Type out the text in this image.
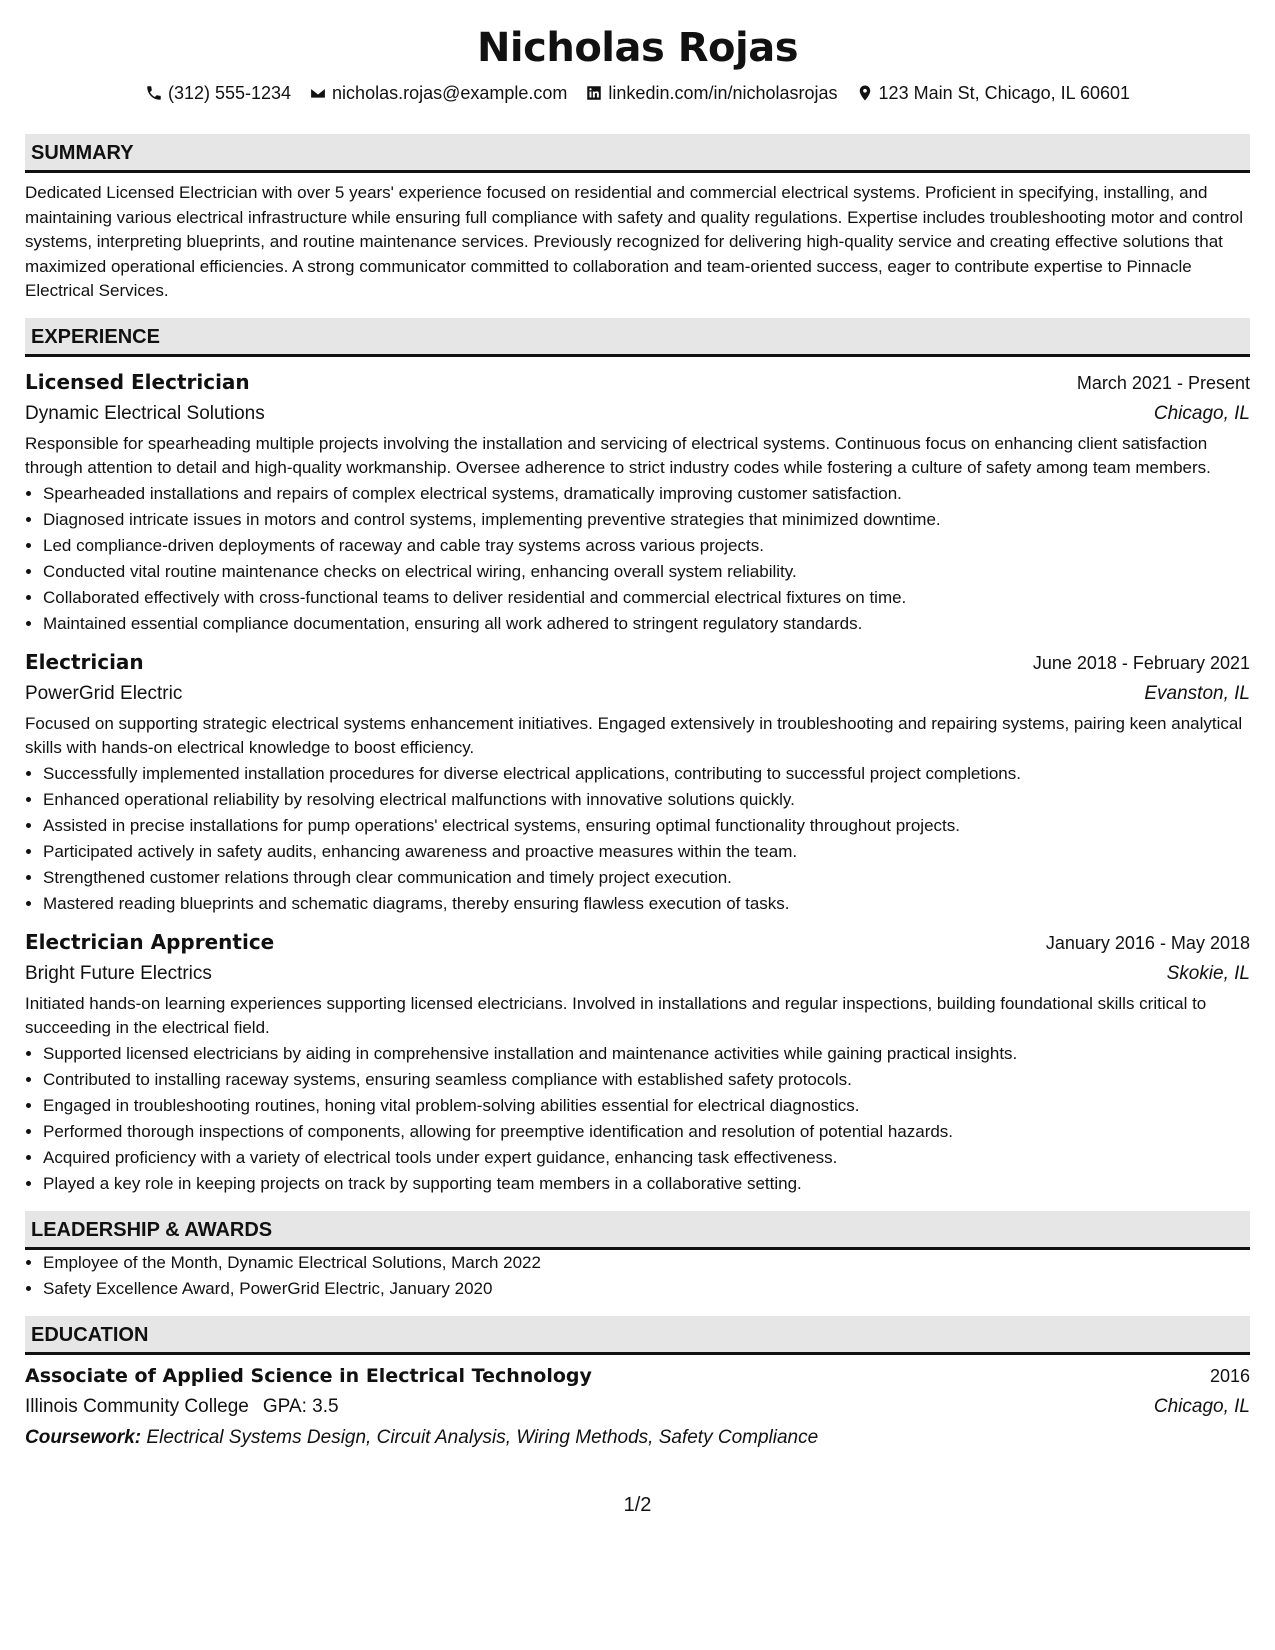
Nicholas Rojas
(312) 555-1234 nicholas.rojas@example.com linkedin.com/in/nicholasrojas 123 Main St, Chicago, IL 60601
SUMMARY
Dedicated Licensed Electrician with over 5 years' experience focused on residential and commercial electrical systems. Proficient in specifying, installing, and maintaining various electrical infrastructure while ensuring full compliance with safety and quality regulations. Expertise includes troubleshooting motor and control systems, interpreting blueprints, and routine maintenance services. Previously recognized for delivering high-quality service and creating effective solutions that maximized operational efficiencies. A strong communicator committed to collaboration and team-oriented success, eager to contribute expertise to Pinnacle Electrical Services.
EXPERIENCE
Licensed Electrician	March 2021 - Present
Dynamic Electrical Solutions	Chicago, IL
Responsible for spearheading multiple projects involving the installation and servicing of electrical systems. Continuous focus on enhancing client satisfaction through attention to detail and high-quality workmanship. Oversee adherence to strict industry codes while fostering a culture of safety among team members.
• Spearheaded installations and repairs of complex electrical systems, dramatically improving customer satisfaction.
• Diagnosed intricate issues in motors and control systems, implementing preventive strategies that minimized downtime.
• Led compliance-driven deployments of raceway and cable tray systems across various projects.
• Conducted vital routine maintenance checks on electrical wiring, enhancing overall system reliability.
• Collaborated effectively with cross-functional teams to deliver residential and commercial electrical fixtures on time.
• Maintained essential compliance documentation, ensuring all work adhered to stringent regulatory standards.
Electrician	June 2018 - February 2021
PowerGrid Electric	Evanston, IL
Focused on supporting strategic electrical systems enhancement initiatives. Engaged extensively in troubleshooting and repairing systems, pairing keen analytical skills with hands-on electrical knowledge to boost efficiency.
• Successfully implemented installation procedures for diverse electrical applications, contributing to successful project completions.
• Enhanced operational reliability by resolving electrical malfunctions with innovative solutions quickly.
• Assisted in precise installations for pump operations' electrical systems, ensuring optimal functionality throughout projects.
• Participated actively in safety audits, enhancing awareness and proactive measures within the team.
• Strengthened customer relations through clear communication and timely project execution.
• Mastered reading blueprints and schematic diagrams, thereby ensuring flawless execution of tasks.
Electrician Apprentice	January 2016 - May 2018
Bright Future Electrics	Skokie, IL
Initiated hands-on learning experiences supporting licensed electricians. Involved in installations and regular inspections, building foundational skills critical to succeeding in the electrical field.
• Supported licensed electricians by aiding in comprehensive installation and maintenance activities while gaining practical insights.
• Contributed to installing raceway systems, ensuring seamless compliance with established safety protocols.
• Engaged in troubleshooting routines, honing vital problem-solving abilities essential for electrical diagnostics.
• Performed thorough inspections of components, allowing for preemptive identification and resolution of potential hazards.
• Acquired proficiency with a variety of electrical tools under expert guidance, enhancing task effectiveness.
• Played a key role in keeping projects on track by supporting team members in a collaborative setting.
LEADERSHIP & AWARDS
• Employee of the Month, Dynamic Electrical Solutions, March 2022
• Safety Excellence Award, PowerGrid Electric, January 2020
EDUCATION
Associate of Applied Science in Electrical Technology	2016
Illinois Community College GPA: 3.5	Chicago, IL
Coursework: Electrical Systems Design, Circuit Analysis, Wiring Methods, Safety Compliance
1/2
